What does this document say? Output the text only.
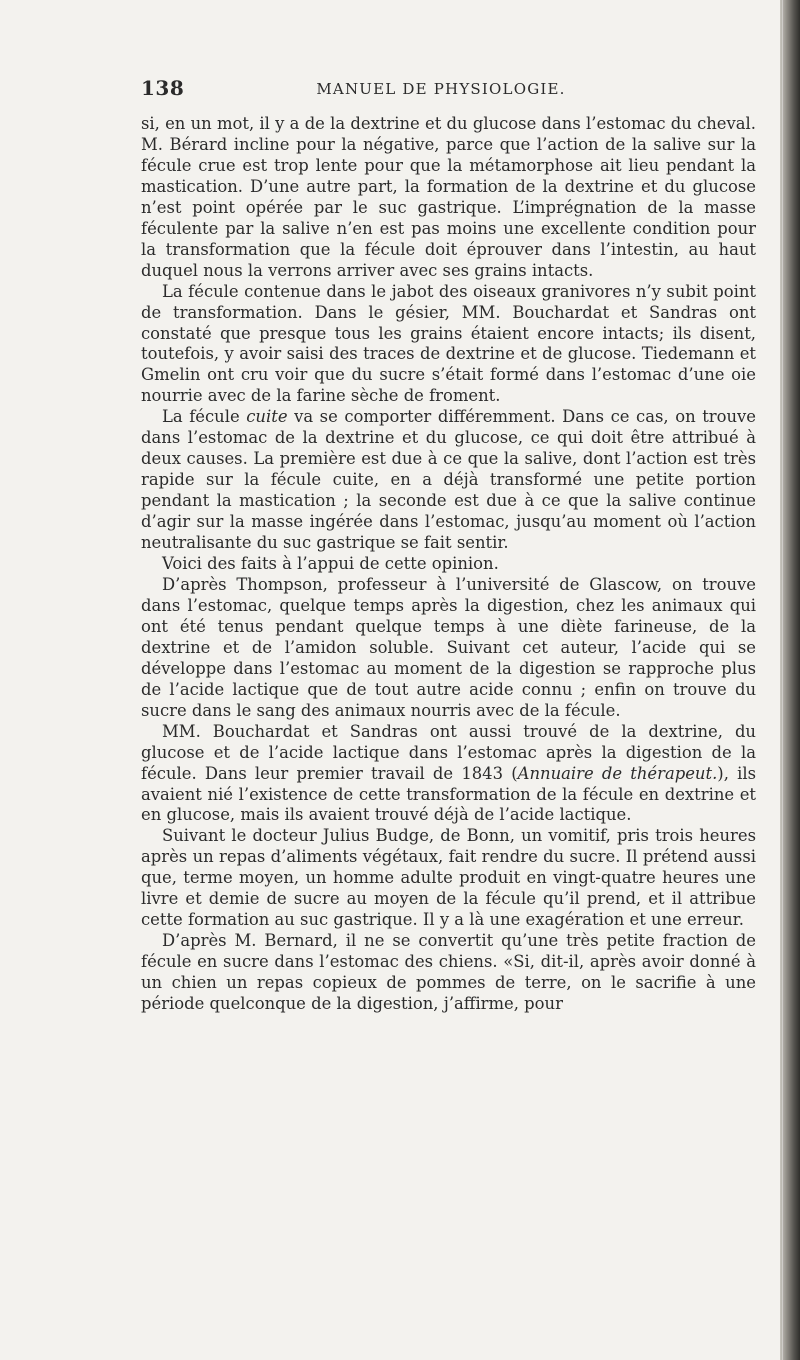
138	MANUEL DE PHYSIOLOGIE.

si, en un mot, il y a de la dextrine et du glucose dans l’estomac du cheval. M. Bérard incline pour la négative, parce que l’action de la salive sur la fécule crue est trop lente pour que la métamorphose ait lieu pendant la mastication. D’une autre part, la formation de la dextrine et du glucose n’est point opérée par le suc gastrique. L’imprégnation de la masse féculente par la salive n’en est pas moins une excellente condition pour la transformation que la fécule doit éprouver dans l’intestin, au haut duquel nous la verrons arriver avec ses grains intacts.

La fécule contenue dans le jabot des oiseaux granivores n’y subit point de transformation. Dans le gésier, MM. Bouchardat et Sandras ont constaté que presque tous les grains étaient encore intacts; ils disent, toutefois, y avoir saisi des traces de dextrine et de glucose. Tiedemann et Gmelin ont cru voir que du sucre s’était formé dans l’estomac d’une oie nourrie avec de la farine sèche de froment.

La fécule cuite va se comporter différemment. Dans ce cas, on trouve dans l’estomac de la dextrine et du glucose, ce qui doit être attribué à deux causes. La première est due à ce que la salive, dont l’action est très rapide sur la fécule cuite, en a déjà transformé une petite portion pendant la mastication ; la seconde est due à ce que la salive continue d’agir sur la masse ingérée dans l’estomac, jusqu’au moment où l’action neutralisante du suc gastrique se fait sentir.

Voici des faits à l’appui de cette opinion.

D’après Thompson, professeur à l’université de Glascow, on trouve dans l’estomac, quelque temps après la digestion, chez les animaux qui ont été tenus pendant quelque temps à une diète farineuse, de la dextrine et de l’amidon soluble. Suivant cet auteur, l’acide qui se développe dans l’estomac au moment de la digestion se rapproche plus de l’acide lactique que de tout autre acide connu ; enfin on trouve du sucre dans le sang des animaux nourris avec de la fécule.

MM. Bouchardat et Sandras ont aussi trouvé de la dextrine, du glucose et de l’acide lactique dans l’estomac après la digestion de la fécule. Dans leur premier travail de 1843 (Annuaire de thérapeut.), ils avaient nié l’existence de cette transformation de la fécule en dextrine et en glucose, mais ils avaient trouvé déjà de l’acide lactique.

Suivant le docteur Julius Budge, de Bonn, un vomitif, pris trois heures après un repas d’aliments végétaux, fait rendre du sucre. Il prétend aussi que, terme moyen, un homme adulte produit en vingt-quatre heures une livre et demie de sucre au moyen de la fécule qu’il prend, et il attribue cette formation au suc gastrique. Il y a là une exagération et une erreur.

D’après M. Bernard, il ne se convertit qu’une très petite fraction de fécule en sucre dans l’estomac des chiens. «Si, dit-il, après avoir donné à un chien un repas copieux de pommes de terre, on le sacrifie à une période quelconque de la digestion, j’affirme, pour
